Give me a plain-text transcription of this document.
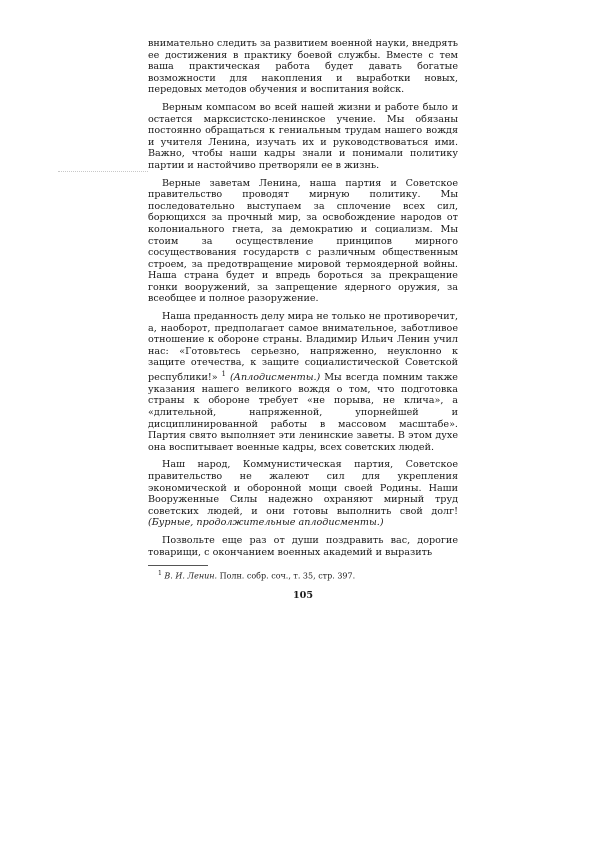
внимательно следить за развитием военной науки, внедрять ее достижения в практику боевой службы. Вместе с тем ваша практическая работа будет давать богатые возможности для накопления и выработки новых, передовых методов обучения и воспитания войск.

Верным компасом во всей нашей жизни и работе было и остается марксистско-ленинское учение. Мы обязаны постоянно обращаться к гениальным трудам нашего вождя и учителя Ленина, изучать их и руководствоваться ими. Важно, чтобы наши кадры знали и понимали политику партии и настойчиво претворяли ее в жизнь.

Верные заветам Ленина, наша партия и Советское правительство проводят мирную политику. Мы последовательно выступаем за сплочение всех сил, борющихся за прочный мир, за освобождение народов от колониального гнета, за демократию и социализм. Мы стоим за осуществление принципов мирного сосуществования государств с различным общественным строем, за предотвращение мировой термоядерной войны. Наша страна будет и впредь бороться за прекращение гонки вооружений, за запрещение ядерного оружия, за всеобщее и полное разоружение.

Наша преданность делу мира не только не противоречит, а, наоборот, предполагает самое внимательное, заботливое отношение к обороне страны. Владимир Ильич Ленин учил нас: «Готовьтесь серьезно, напряженно, неуклонно к защите отечества, к защите социалистической Советской республики!» $^1$ (Аплодисменты.) Мы всегда помним также указания нашего великого вождя о том, что подготовка страны к обороне требует «не порыва, не клича», а «длительной, напряженной, упорнейшей и дисциплинированной работы в массовом масштабе». Партия свято выполняет эти ленинские заветы. В этом духе она воспитывает военные кадры, всех советских людей.

Наш народ, Коммунистическая партия, Советское правительство не жалеют сил для укрепления экономической и оборонной мощи своей Родины. Наши Вооруженные Силы надежно охраняют мирный труд советских людей, и они готовы выполнить свой долг! (Бурные, продолжительные аплодисменты.)

Позвольте еще раз от души поздравить вас, дорогие товарищи, с окончанием военных академий и выразить

$^1$ В. И. Ленин. Полн. собр. соч., т. 35, стр. 397.

105
